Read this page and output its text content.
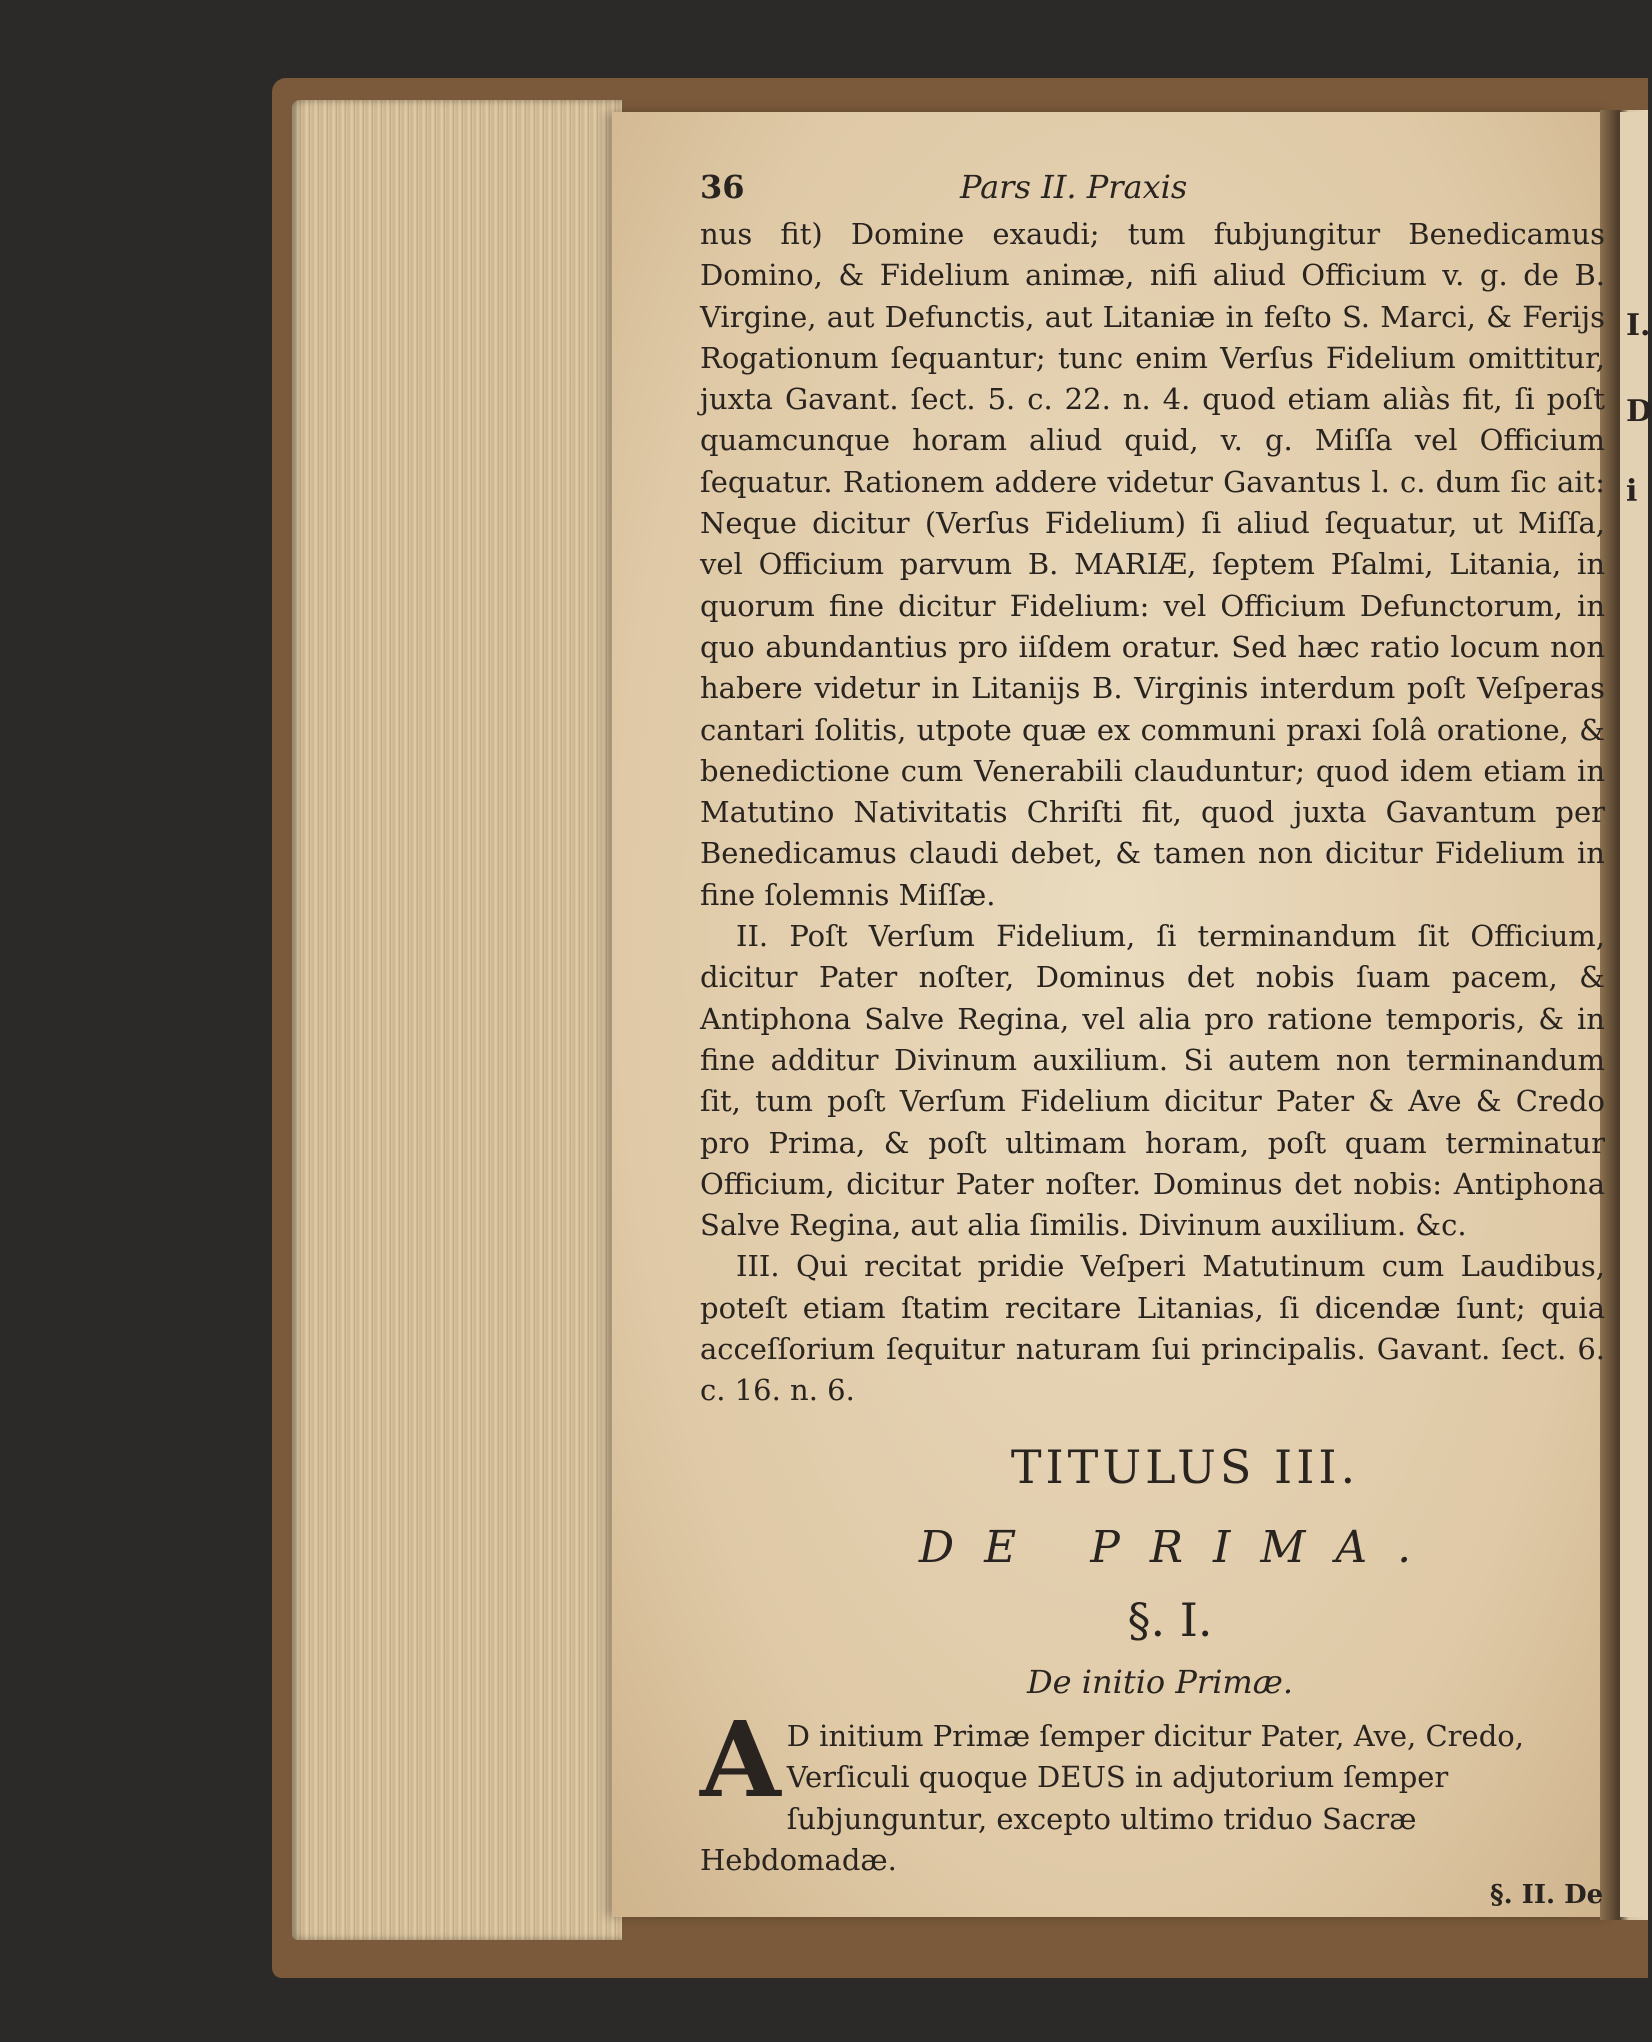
I.
D
i
36	Pars II. Praxis

nus fit) Domine exaudi; tum fubjungitur Benedicamus Domino, & Fidelium animæ, nifi aliud Officium v. g. de B. Virgine, aut Defunctis, aut Litaniæ in feſto S. Marci, & Ferijs Rogationum ſequantur; tunc enim Verſus Fidelium omittitur, juxta Gavant. ſect. 5. c. 22. n. 4. quod etiam aliàs fit, ſi poſt quamcunque horam aliud quid, v. g. Miſſa vel Officium ſequatur. Rationem addere videtur Gavantus l. c. dum ſic ait: Neque dicitur (Verſus Fidelium) ſi aliud ſequatur, ut Miſſa, vel Officium parvum B. MARIÆ, ſeptem Pſalmi, Litania, in quorum fine dicitur Fidelium: vel Officium Defunctorum, in quo abundantius pro iiſdem oratur. Sed hæc ratio locum non habere videtur in Litanijs B. Virginis interdum poſt Veſperas cantari ſolitis, utpote quæ ex communi praxi ſolâ oratione, & benedictione cum Venerabili clauduntur; quod idem etiam in Matutino Nativitatis Chriſti fit, quod juxta Gavantum per Benedicamus claudi debet, & tamen non dicitur Fidelium in fine ſolemnis Miſſæ.

II. Poſt Verſum Fidelium, ſi terminandum ſit Officium, dicitur Pater noſter, Dominus det nobis ſuam pacem, & Antiphona Salve Regina, vel alia pro ratione temporis, & in fine additur Divinum auxilium. Si autem non terminandum ſit, tum poſt Verſum Fidelium dicitur Pater & Ave & Credo pro Prima, & poſt ultimam horam, poſt quam terminatur Officium, dicitur Pater noſter. Dominus det nobis: Antiphona Salve Regina, aut alia ſimilis. Divinum auxilium. &c.

III. Qui recitat pridie Veſperi Matutinum cum Laudibus, poteſt etiam ſtatim recitare Litanias, ſi dicendæ ſunt; quia acceſſorium ſequitur naturam ſui principalis. Gavant. ſect. 6. c. 16. n. 6.

TITULUS III.
DE PRIMA.
§. I.
De initio Primæ.
A D initium Primæ ſemper dicitur Pater, Ave, Credo, Verſiculi quoque DEUS in adjutorium ſemper ſubjunguntur, excepto ultimo triduo Sacræ Hebdomadæ.
§. II. De
